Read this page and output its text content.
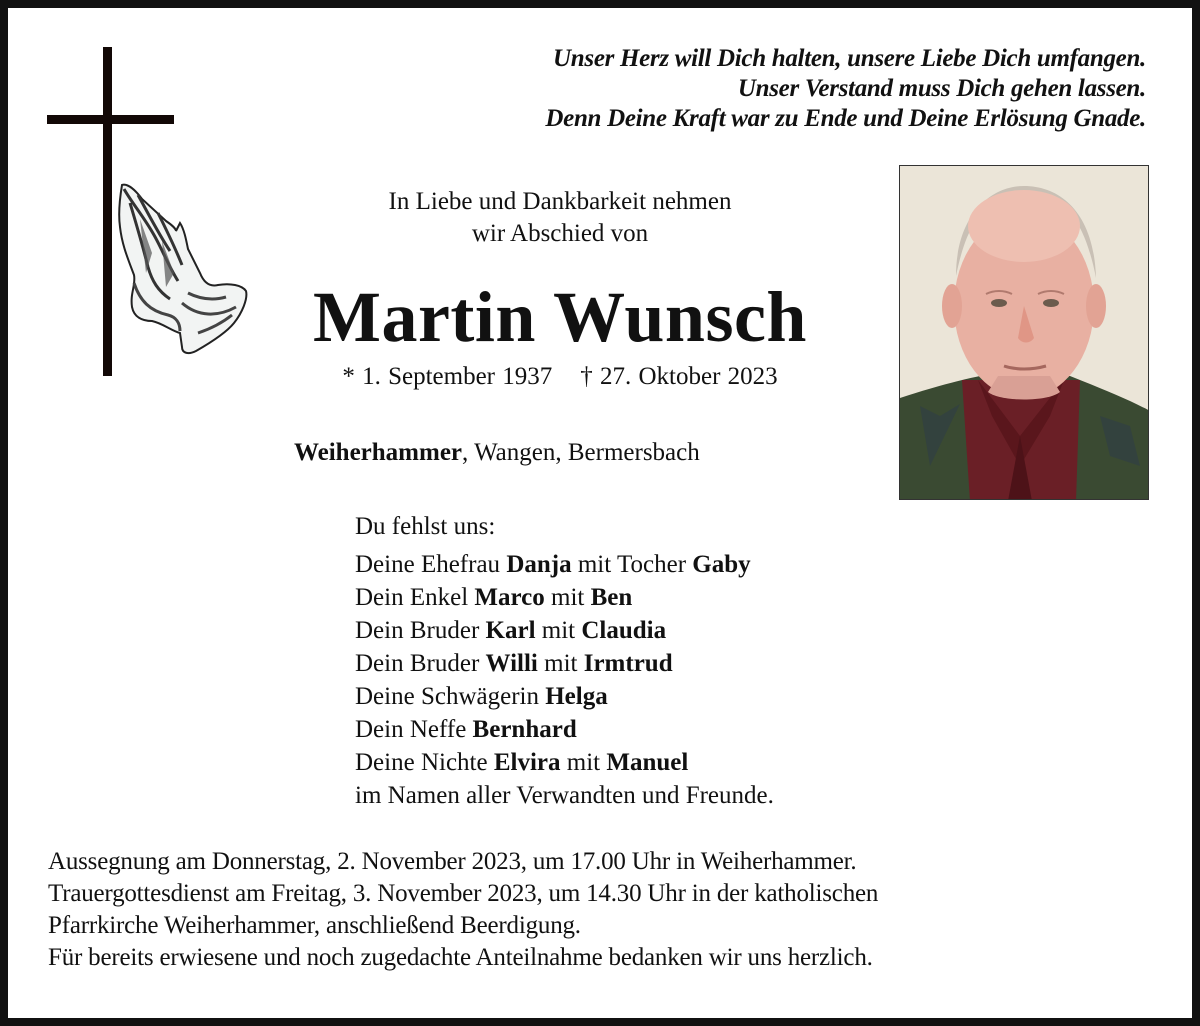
Unser Herz will Dich halten, unsere Liebe Dich umfangen.
Unser Verstand muss Dich gehen lassen.
Denn Deine Kraft war zu Ende und Deine Erlösung Gnade.
In Liebe und Dankbarkeit nehmen
wir Abschied von
Martin Wunsch
* 1. September 1937 † 27. Oktober 2023
Weiherhammer, Wangen, Bermersbach
Du fehlst uns:
Deine Ehefrau Danja mit Tocher Gaby
Dein Enkel Marco mit Ben
Dein Bruder Karl mit Claudia
Dein Bruder Willi mit Irmtrud
Deine Schwägerin Helga
Dein Neffe Bernhard
Deine Nichte Elvira mit Manuel
im Namen aller Verwandten und Freunde.
Aussegnung am Donnerstag, 2. November 2023, um 17.00 Uhr in Weiherhammer.
Trauergottesdienst am Freitag, 3. November 2023, um 14.30 Uhr in der katholischen
Pfarrkirche Weiherhammer, anschließend Beerdigung.
Für bereits erwiesene und noch zugedachte Anteilnahme bedanken wir uns herzlich.
